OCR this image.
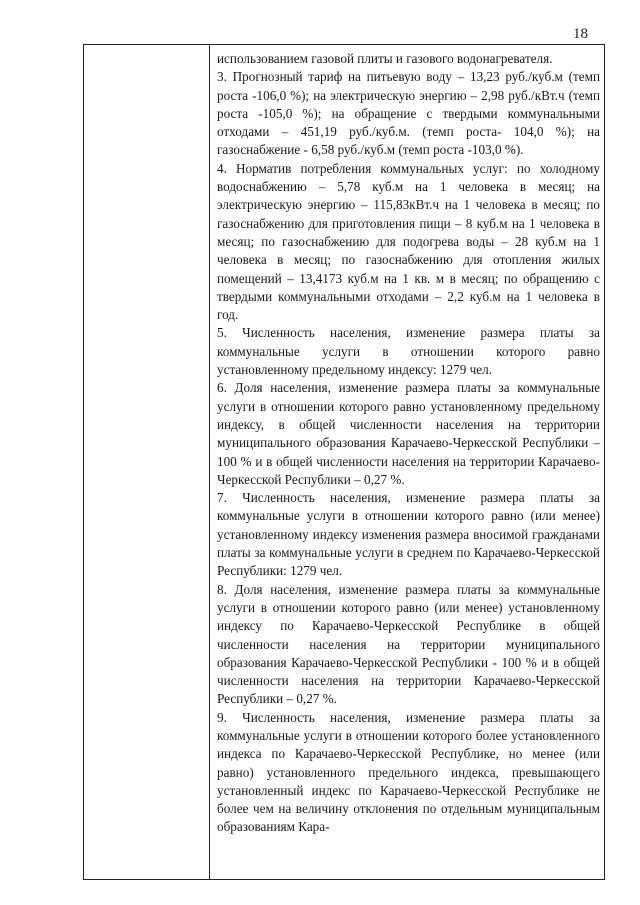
18

использованием газовой плиты и газового водонагревателя.

3. Прогнозный тариф на питьевую воду – 13,23 руб./куб.м (темп роста -106,0 %); на электрическую энергию – 2,98 руб./кВт.ч (темп роста -105,0 %); на обращение с твердыми коммунальными отходами – 451,19 руб./куб.м. (темп роста- 104,0 %); на газоснабжение - 6,58 руб./куб.м (темп роста -103,0 %).

4. Норматив потребления коммунальных услуг: по холодному водоснабжению – 5,78 куб.м на 1 человека в месяц; на электрическую энергию – 115,83кВт.ч на 1 человека в месяц; по газоснабжению для приготовления пищи – 8 куб.м на 1 человека в месяц; по газоснабжению для подогрева воды – 28 куб.м на 1 человека в месяц; по газоснабжению для отопления жилых помещений – 13,4173 куб.м на 1 кв. м в месяц; по обращению с твердыми коммунальными отходами – 2,2 куб.м на 1 человека в год.

5. Численность населения, изменение размера платы за коммунальные услуги в отношении которого равно установленному предельному индексу: 1279 чел.

6. Доля населения, изменение размера платы за коммунальные услуги в отношении которого равно установленному предельному индексу, в общей численности населения на территории муниципального образования Карачаево-Черкесской Республики – 100 % и в общей численности населения на территории Карачаево-Черкесской Республики – 0,27 %.

7. Численность населения, изменение размера платы за коммунальные услуги в отношении которого равно (или менее) установленному индексу изменения размера вносимой гражданами платы за коммунальные услуги в среднем по Карачаево-Черкесской Республики: 1279 чел.

8. Доля населения, изменение размера платы за коммунальные услуги в отношении которого равно (или менее) установленному индексу по Карачаево-Черкесской Республике в общей численности населения на территории муниципального образования Карачаево-Черкесской Республики - 100 % и в общей численности населения на территории Карачаево-Черкесской Республики – 0,27 %.

9. Численность населения, изменение размера платы за коммунальные услуги в отношении которого более установленного индекса по Карачаево-Черкесской Республике, но менее (или равно) установленного предельного индекса, превышающего установленный индекс по Карачаево-Черкесской Республике не более чем на величину отклонения по отдельным муниципальным образованиям Кара-
